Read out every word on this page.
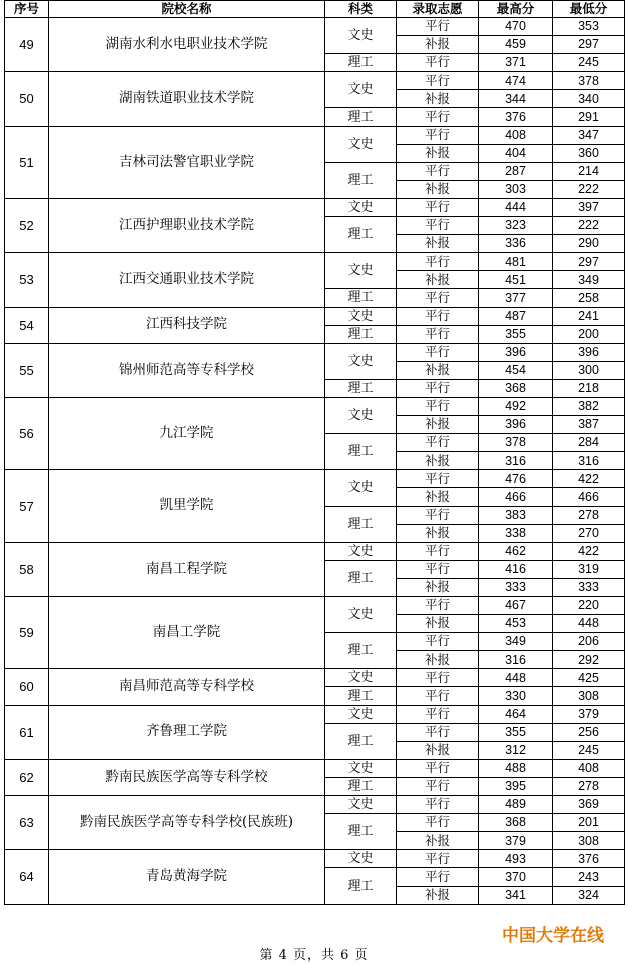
序号	院校名称	科类	录取志愿	最高分	最低分
49	湖南水利水电职业技术学院	文史	平行	470	353
			补报	459	297
		理工	平行	371	245
50	湖南铁道职业技术学院	文史	平行	474	378
			补报	344	340
		理工	平行	376	291
51	吉林司法警官职业学院	文史	平行	408	347
			补报	404	360
		理工	平行	287	214
			补报	303	222
52	江西护理职业技术学院	文史	平行	444	397
		理工	平行	323	222
			补报	336	290
53	江西交通职业技术学院	文史	平行	481	297
			补报	451	349
		理工	平行	377	258
54	江西科技学院	文史	平行	487	241
		理工	平行	355	200
55	锦州师范高等专科学校	文史	平行	396	396
			补报	454	300
		理工	平行	368	218
56	九江学院	文史	平行	492	382
			补报	396	387
		理工	平行	378	284
			补报	316	316
57	凯里学院	文史	平行	476	422
			补报	466	466
		理工	平行	383	278
			补报	338	270
58	南昌工程学院	文史	平行	462	422
		理工	平行	416	319
			补报	333	333
59	南昌工学院	文史	平行	467	220
			补报	453	448
		理工	平行	349	206
			补报	316	292
60	南昌师范高等专科学校	文史	平行	448	425
		理工	平行	330	308
61	齐鲁理工学院	文史	平行	464	379
		理工	平行	355	256
			补报	312	245
62	黔南民族医学高等专科学校	文史	平行	488	408
		理工	平行	395	278
63	黔南民族医学高等专科学校(民族班)	文史	平行	489	369
		理工	平行	368	201
			补报	379	308
64	青岛黄海学院	文史	平行	493	376
		理工	平行	370	243
			补报	341	324
第 4 页，共 6 页
中国大学在线
